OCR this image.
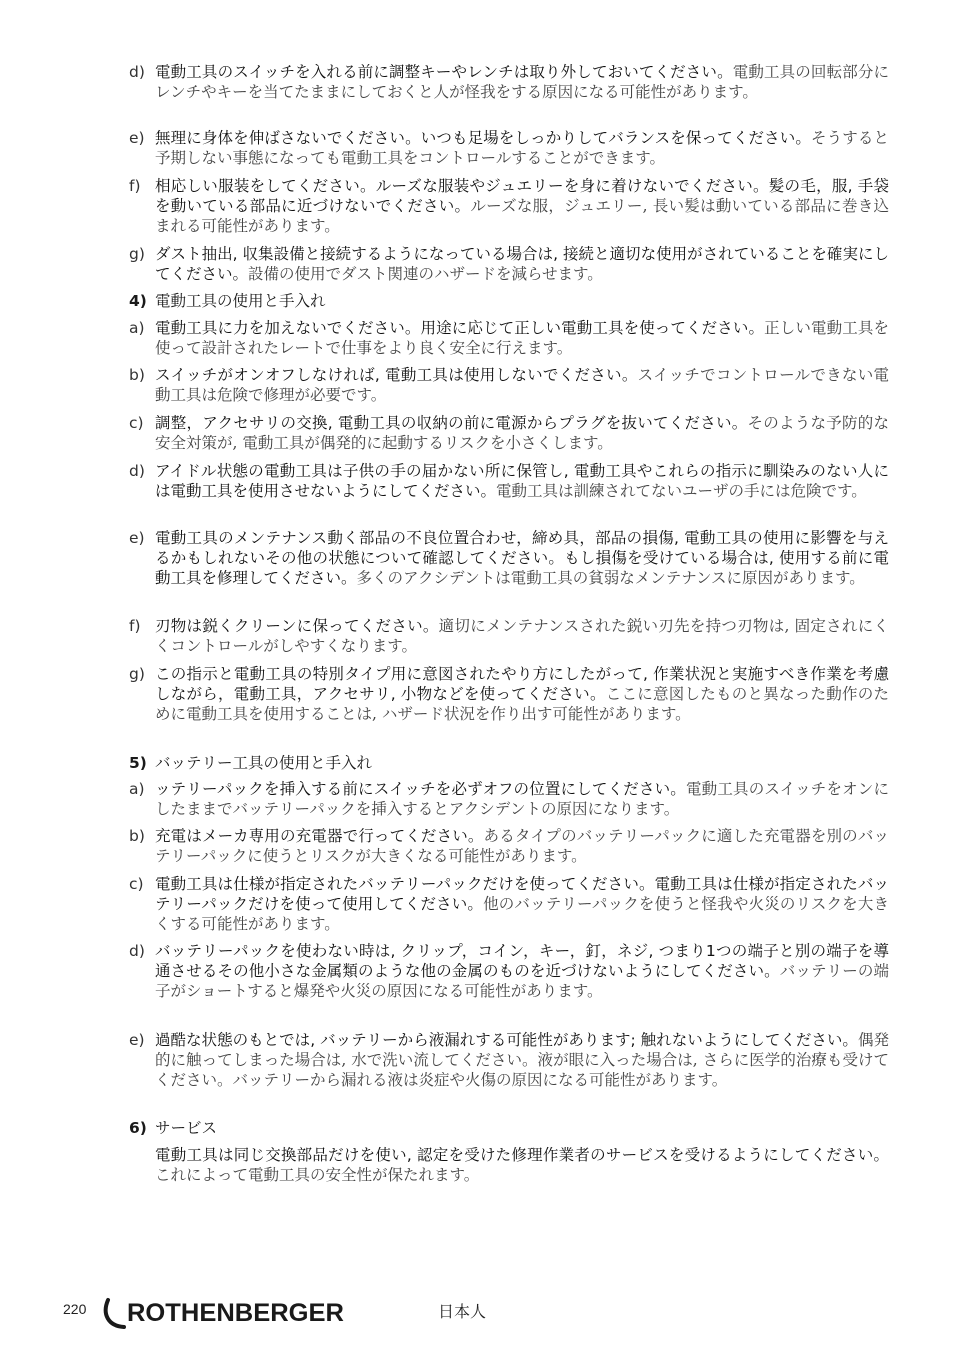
d) 電動工具のスイッチを入れる前に調整キーやレンチは取り外しておいてください。電動工具の回転部分にレンチやキーを当てたままにしておくと人が怪我をする原因になる可能性があります。
e) 無理に身体を伸ばさないでください。いつも足場をしっかりしてバランスを保ってください。そうすると予期しない事態になっても電動工具をコントロールすることができます。
f) 相応しい服装をしてください。ルーズな服装やジュエリーを身に着けないでください。髪の毛，服, 手袋を動いている部品に近づけないでください。ルーズな服，ジュエリー, 長い髪は動いている部品に巻き込まれる可能性があります。
g) ダスト抽出, 収集設備と接続するようになっている場合は, 接続と適切な使用がされていることを確実にしてください。設備の使用でダスト関連のハザードを減らせます。
4) 電動工具の使用と手入れ
a) 電動工具に力を加えないでください。用途に応じて正しい電動工具を使ってください。正しい電動工具を使って設計されたレートで仕事をより良く安全に行えます。
b) スイッチがオンオフしなければ, 電動工具は使用しないでください。スイッチでコントロールできない電動工具は危険で修理が必要です。
c) 調整，アクセサリの交換, 電動工具の収納の前に電源からプラグを抜いてください。そのような予防的な安全対策が, 電動工具が偶発的に起動するリスクを小さくします。
d) アイドル状態の電動工具は子供の手の届かない所に保管し, 電動工具やこれらの指示に馴染みのない人には電動工具を使用させないようにしてください。電動工具は訓練されてないユーザの手には危険です。
e) 電動工具のメンテナンス動く部品の不良位置合わせ，締め具，部品の損傷, 電動工具の使用に影響を与えるかもしれないその他の状態について確認してください。もし損傷を受けている場合は, 使用する前に電動工具を修理してください。多くのアクシデントは電動工具の貧弱なメンテナンスに原因があります。
f) 刃物は鋭くクリーンに保ってください。適切にメンテナンスされた鋭い刃先を持つ刃物は, 固定されにくくコントロールがしやすくなります。
g) この指示と電動工具の特別タイプ用に意図されたやり方にしたがって, 作業状況と実施すべき作業を考慮しながら，電動工具，アクセサリ, 小物などを使ってください。ここに意図したものと異なった動作のために電動工具を使用することは, ハザード状況を作り出す可能性があります。
5) バッテリー工具の使用と手入れ
a) ッテリーパックを挿入する前にスイッチを必ずオフの位置にしてください。電動工具のスイッチをオンにしたままでバッテリーパックを挿入するとアクシデントの原因になります。
b) 充電はメーカ専用の充電器で行ってください。あるタイプのバッテリーパックに適した充電器を別のバッテリーパックに使うとリスクが大きくなる可能性があります。
c) 電動工具は仕様が指定されたバッテリーパックだけを使ってください。電動工具は仕様が指定されたバッテリーパックだけを使って使用してください。他のバッテリーパックを使うと怪我や火災のリスクを大きくする可能性があります。
d) バッテリーパックを使わない時は, クリップ，コイン，キー，釘，ネジ, つまり1つの端子と別の端子を導通させるその他小さな金属類のような他の金属のものを近づけないようにしてください。バッテリーの端子がショートすると爆発や火災の原因になる可能性があります。
e) 過酷な状態のもとでは, バッテリーから液漏れする可能性があります; 触れないようにしてください。偶発的に触ってしまった場合は, 水で洗い流してください。液が眼に入った場合は, さらに医学的治療も受けてください。バッテリーから漏れる液は炎症や火傷の原因になる可能性があります。
6) サービス
電動工具は同じ交換部品だけを使い, 認定を受けた修理作業者のサービスを受けるようにしてください。これによって電動工具の安全性が保たれます。
220 ROTHENBERGER	日本人
